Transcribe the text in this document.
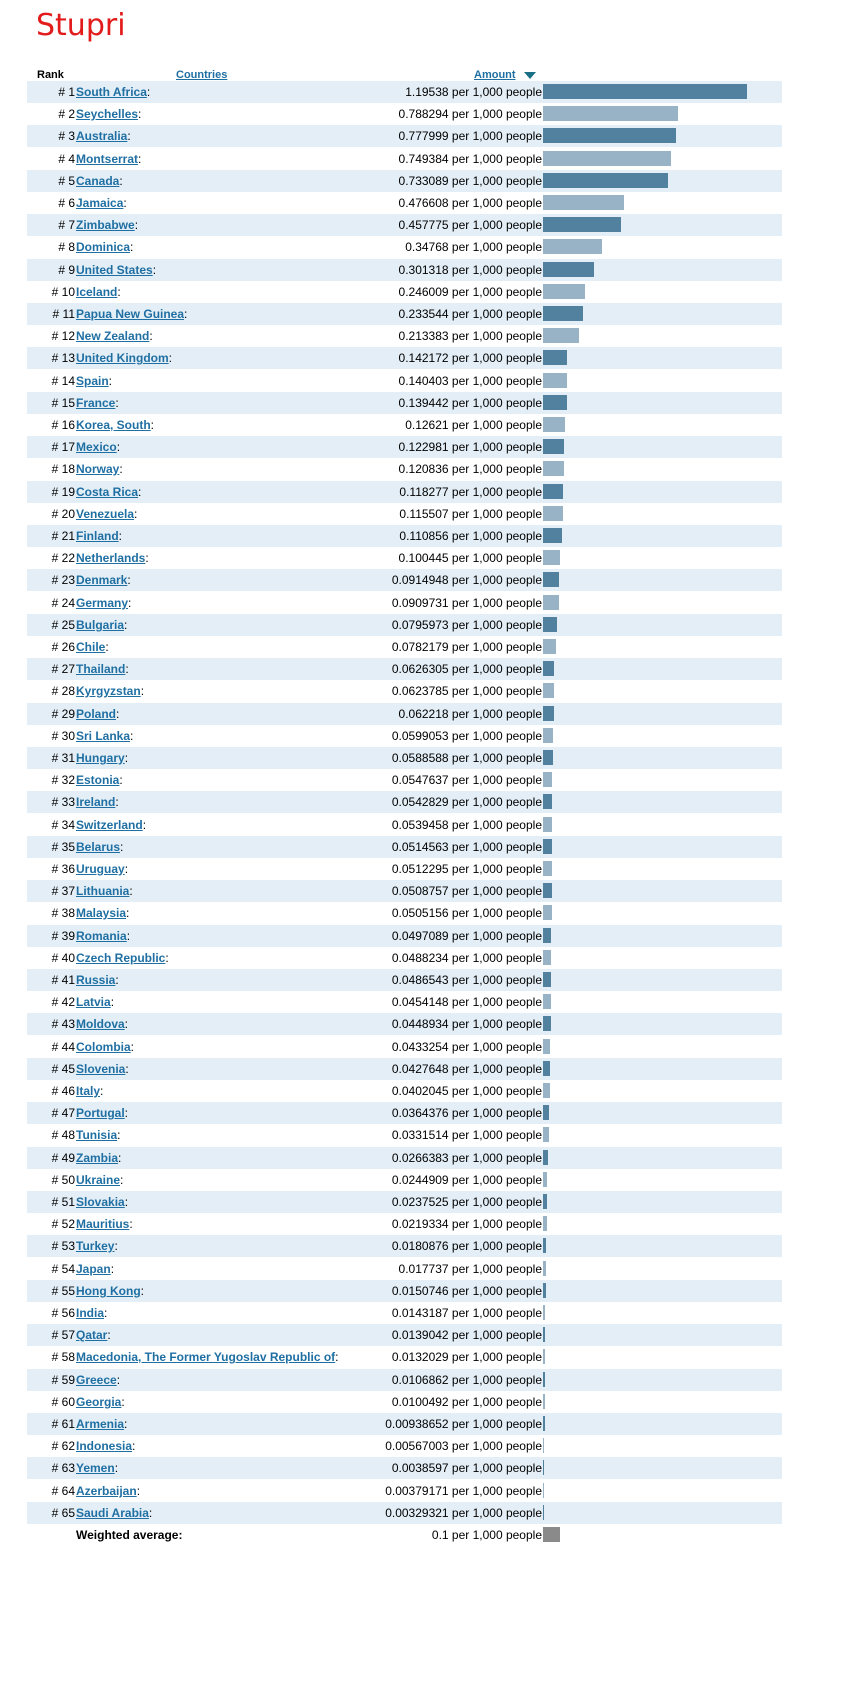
Stupri
Rank	Countries	Amount
# 1 South Africa:	1.19538 per 1,000 people
# 2 Seychelles:	0.788294 per 1,000 people
# 3 Australia:	0.777999 per 1,000 people
# 4 Montserrat:	0.749384 per 1,000 people
# 5 Canada:	0.733089 per 1,000 people
# 6 Jamaica:	0.476608 per 1,000 people
# 7 Zimbabwe:	0.457775 per 1,000 people
# 8 Dominica:	0.34768 per 1,000 people
# 9 United States:	0.301318 per 1,000 people
# 10 Iceland:	0.246009 per 1,000 people
# 11 Papua New Guinea:	0.233544 per 1,000 people
# 12 New Zealand:	0.213383 per 1,000 people
# 13 United Kingdom:	0.142172 per 1,000 people
# 14 Spain:	0.140403 per 1,000 people
# 15 France:	0.139442 per 1,000 people
# 16 Korea, South:	0.12621 per 1,000 people
# 17 Mexico:	0.122981 per 1,000 people
# 18 Norway:	0.120836 per 1,000 people
# 19 Costa Rica:	0.118277 per 1,000 people
# 20 Venezuela:	0.115507 per 1,000 people
# 21 Finland:	0.110856 per 1,000 people
# 22 Netherlands:	0.100445 per 1,000 people
# 23 Denmark:	0.0914948 per 1,000 people
# 24 Germany:	0.0909731 per 1,000 people
# 25 Bulgaria:	0.0795973 per 1,000 people
# 26 Chile:	0.0782179 per 1,000 people
# 27 Thailand:	0.0626305 per 1,000 people
# 28 Kyrgyzstan:	0.0623785 per 1,000 people
# 29 Poland:	0.062218 per 1,000 people
# 30 Sri Lanka:	0.0599053 per 1,000 people
# 31 Hungary:	0.0588588 per 1,000 people
# 32 Estonia:	0.0547637 per 1,000 people
# 33 Ireland:	0.0542829 per 1,000 people
# 34 Switzerland:	0.0539458 per 1,000 people
# 35 Belarus:	0.0514563 per 1,000 people
# 36 Uruguay:	0.0512295 per 1,000 people
# 37 Lithuania:	0.0508757 per 1,000 people
# 38 Malaysia:	0.0505156 per 1,000 people
# 39 Romania:	0.0497089 per 1,000 people
# 40 Czech Republic:	0.0488234 per 1,000 people
# 41 Russia:	0.0486543 per 1,000 people
# 42 Latvia:	0.0454148 per 1,000 people
# 43 Moldova:	0.0448934 per 1,000 people
# 44 Colombia:	0.0433254 per 1,000 people
# 45 Slovenia:	0.0427648 per 1,000 people
# 46 Italy:	0.0402045 per 1,000 people
# 47 Portugal:	0.0364376 per 1,000 people
# 48 Tunisia:	0.0331514 per 1,000 people
# 49 Zambia:	0.0266383 per 1,000 people
# 50 Ukraine:	0.0244909 per 1,000 people
# 51 Slovakia:	0.0237525 per 1,000 people
# 52 Mauritius:	0.0219334 per 1,000 people
# 53 Turkey:	0.0180876 per 1,000 people
# 54 Japan:	0.017737 per 1,000 people
# 55 Hong Kong:	0.0150746 per 1,000 people
# 56 India:	0.0143187 per 1,000 people
# 57 Qatar:	0.0139042 per 1,000 people
# 58 Macedonia, The Former Yugoslav Republic of:	0.0132029 per 1,000 people
# 59 Greece:	0.0106862 per 1,000 people
# 60 Georgia:	0.0100492 per 1,000 people
# 61 Armenia:	0.00938652 per 1,000 people
# 62 Indonesia:	0.00567003 per 1,000 people
# 63 Yemen:	0.0038597 per 1,000 people
# 64 Azerbaijan:	0.00379171 per 1,000 people
# 65 Saudi Arabia:	0.00329321 per 1,000 people
Weighted average:	0.1 per 1,000 people
